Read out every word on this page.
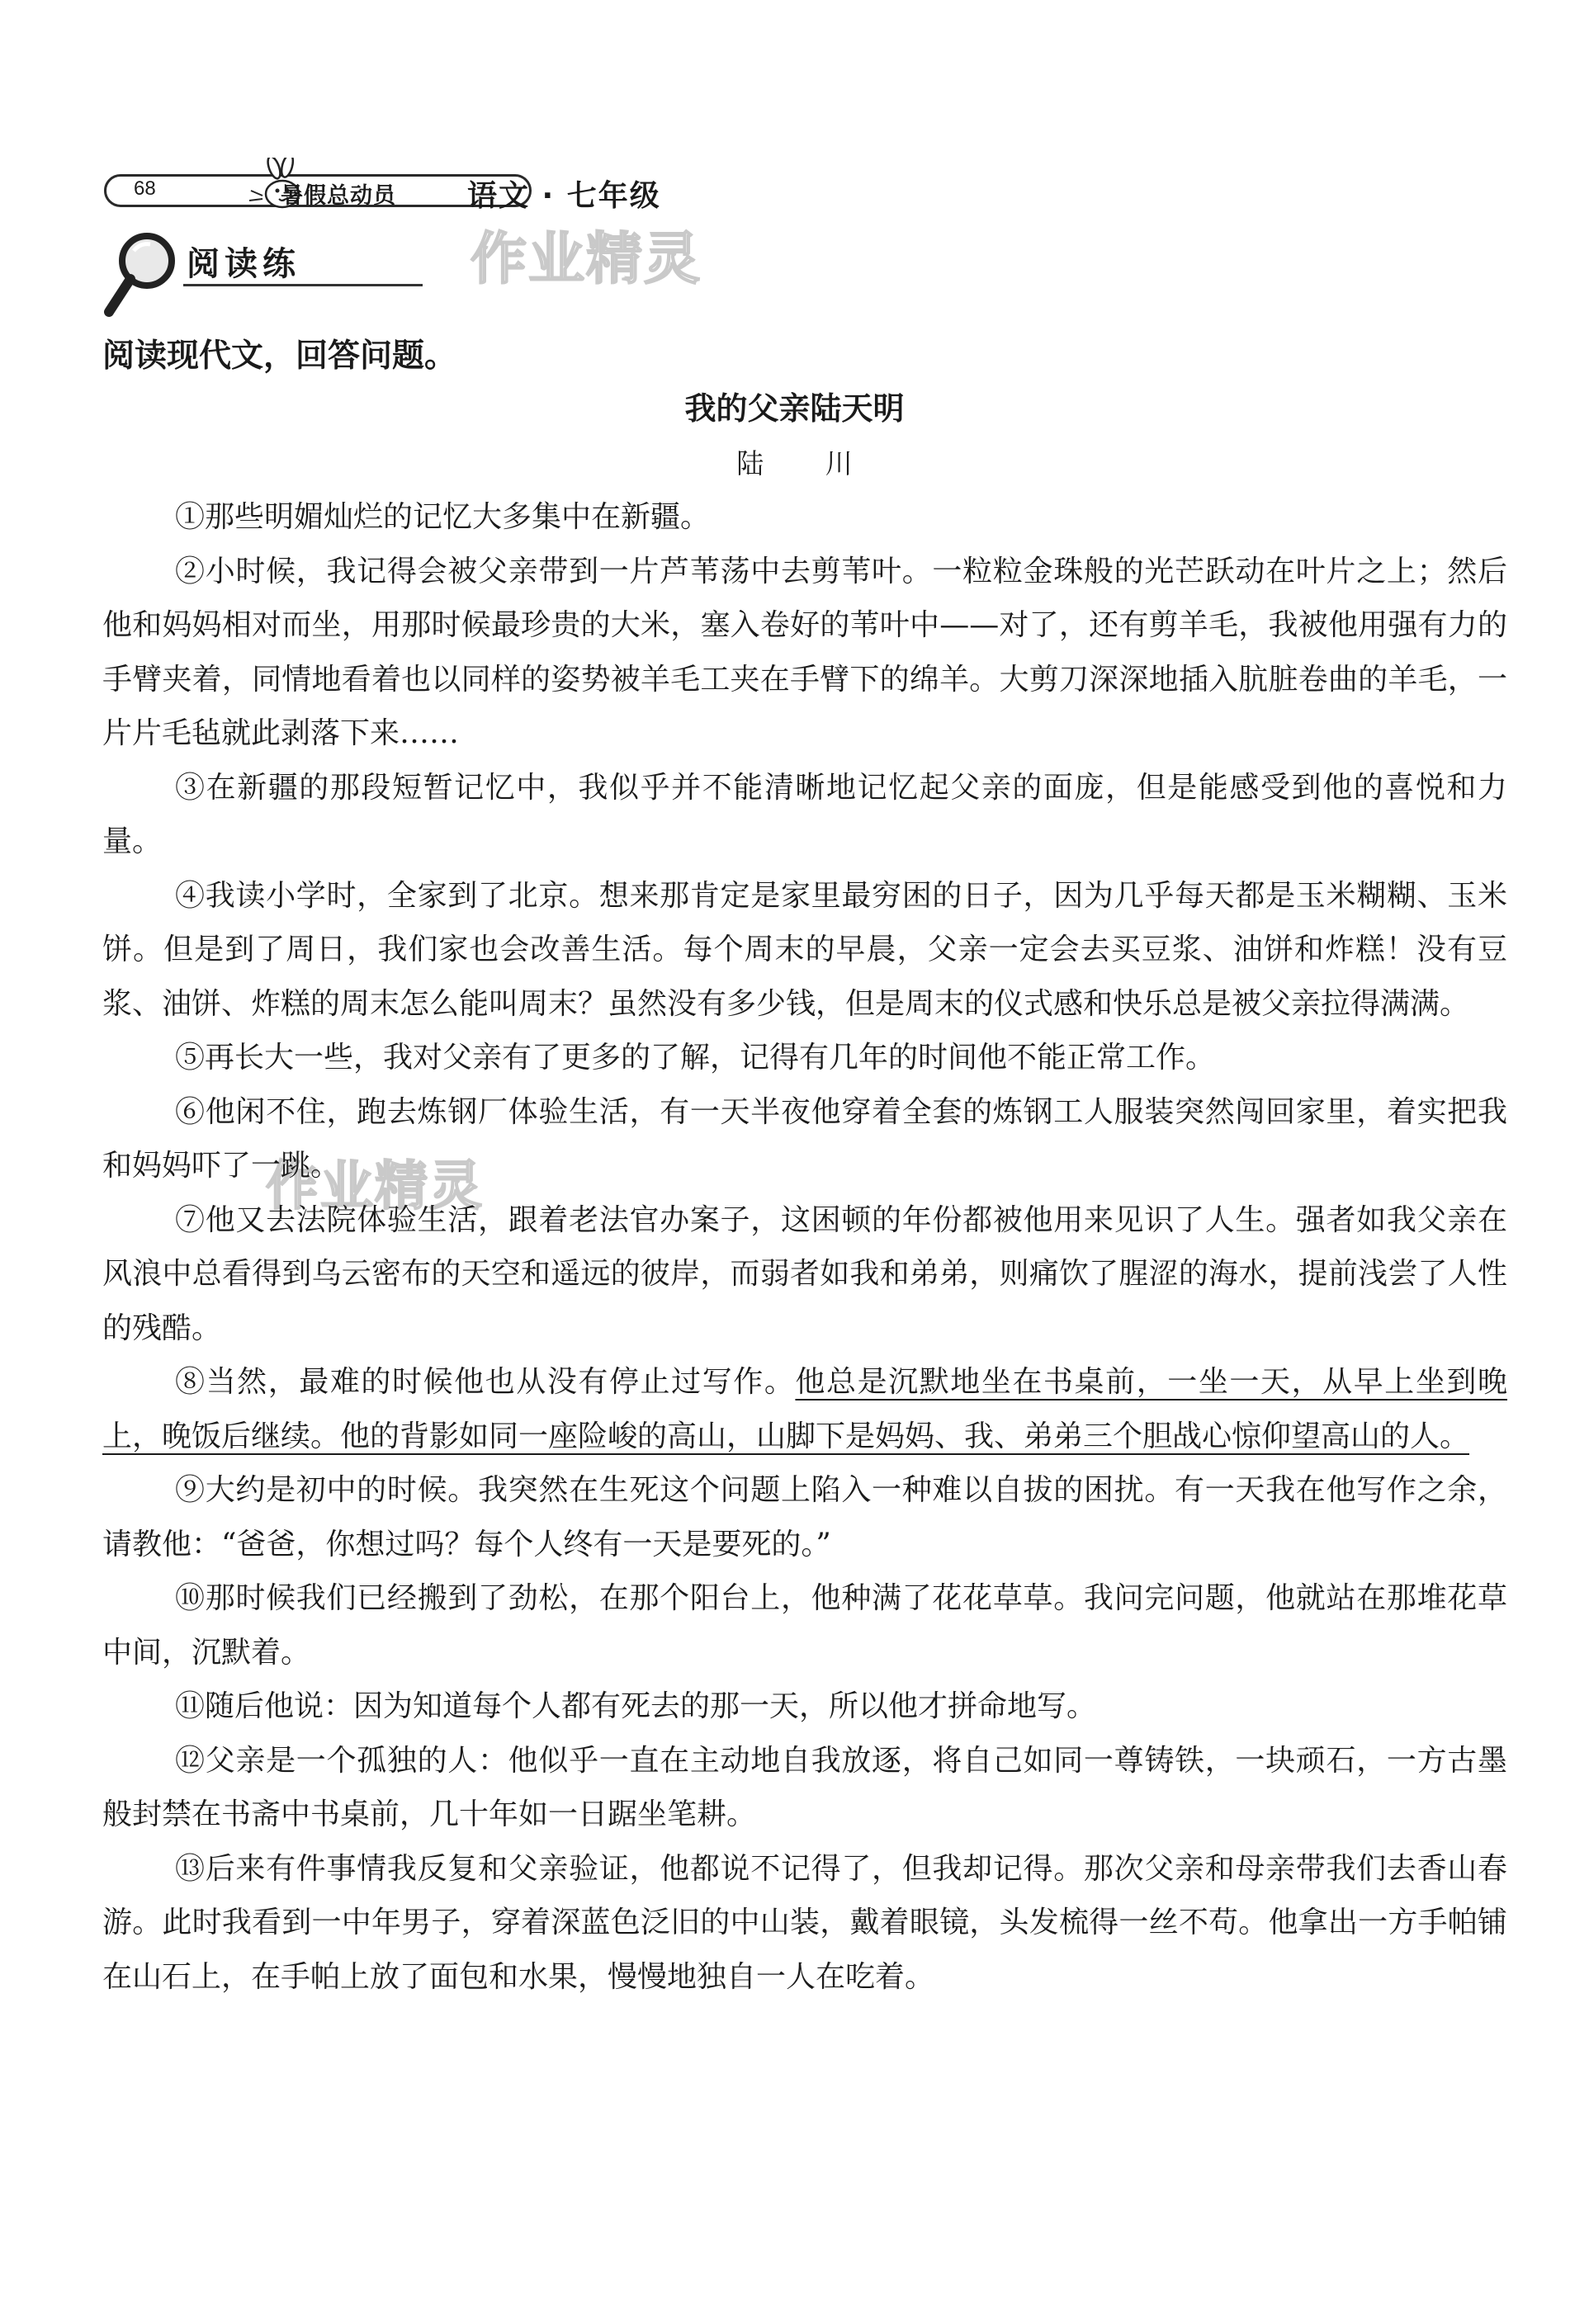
68	暑假总动员 语文 · 七年级
阅读练	作业精灵
作业精灵
阅读现代文，回答问题。
我的父亲陆天明
陆 川

①那些明媚灿烂的记忆大多集中在新疆。

②小时候，我记得会被父亲带到一片芦苇荡中去剪苇叶。一粒粒金珠般的光芒跃动在叶片之上；然后他和妈妈相对而坐，用那时候最珍贵的大米，塞入卷好的苇叶中——对了，还有剪羊毛，我被他用强有力的手臂夹着，同情地看着也以同样的姿势被羊毛工夹在手臂下的绵羊。大剪刀深深地插入肮脏卷曲的羊毛，一片片毛毡就此剥落下来……

③在新疆的那段短暂记忆中，我似乎并不能清晰地记忆起父亲的面庞，但是能感受到他的喜悦和力量。

④我读小学时，全家到了北京。想来那肯定是家里最穷困的日子，因为几乎每天都是玉米糊糊、玉米饼。但是到了周日，我们家也会改善生活。每个周末的早晨，父亲一定会去买豆浆、油饼和炸糕！没有豆浆、油饼、炸糕的周末怎么能叫周末？虽然没有多少钱，但是周末的仪式感和快乐总是被父亲拉得满满。

⑤再长大一些，我对父亲有了更多的了解，记得有几年的时间他不能正常工作。

⑥他闲不住，跑去炼钢厂体验生活，有一天半夜他穿着全套的炼钢工人服装突然闯回家里，着实把我和妈妈吓了一跳。

⑦他又去法院体验生活，跟着老法官办案子，这困顿的年份都被他用来见识了人生。强者如我父亲在风浪中总看得到乌云密布的天空和遥远的彼岸，而弱者如我和弟弟，则痛饮了腥涩的海水，提前浅尝了人性的残酷。

⑧当然，最难的时候他也从没有停止过写作。他总是沉默地坐在书桌前，一坐一天，从早上坐到晚上，晚饭后继续。他的背影如同一座险峻的高山，山脚下是妈妈、我、弟弟三个胆战心惊仰望高山的人。

⑨大约是初中的时候。我突然在生死这个问题上陷入一种难以自拔的困扰。有一天我在他写作之余，请教他：“爸爸，你想过吗？每个人终有一天是要死的。”

⑩那时候我们已经搬到了劲松，在那个阳台上，他种满了花花草草。我问完问题，他就站在那堆花草中间，沉默着。

⑪随后他说：因为知道每个人都有死去的那一天，所以他才拼命地写。

⑫父亲是一个孤独的人：他似乎一直在主动地自我放逐，将自己如同一尊铸铁，一块顽石，一方古墨般封禁在书斋中书桌前，几十年如一日踞坐笔耕。

⑬后来有件事情我反复和父亲验证，他都说不记得了，但我却记得。那次父亲和母亲带我们去香山春游。此时我看到一中年男子，穿着深蓝色泛旧的中山装，戴着眼镜，头发梳得一丝不苟。他拿出一方手帕铺在山石上，在手帕上放了面包和水果，慢慢地独自一人在吃着。
